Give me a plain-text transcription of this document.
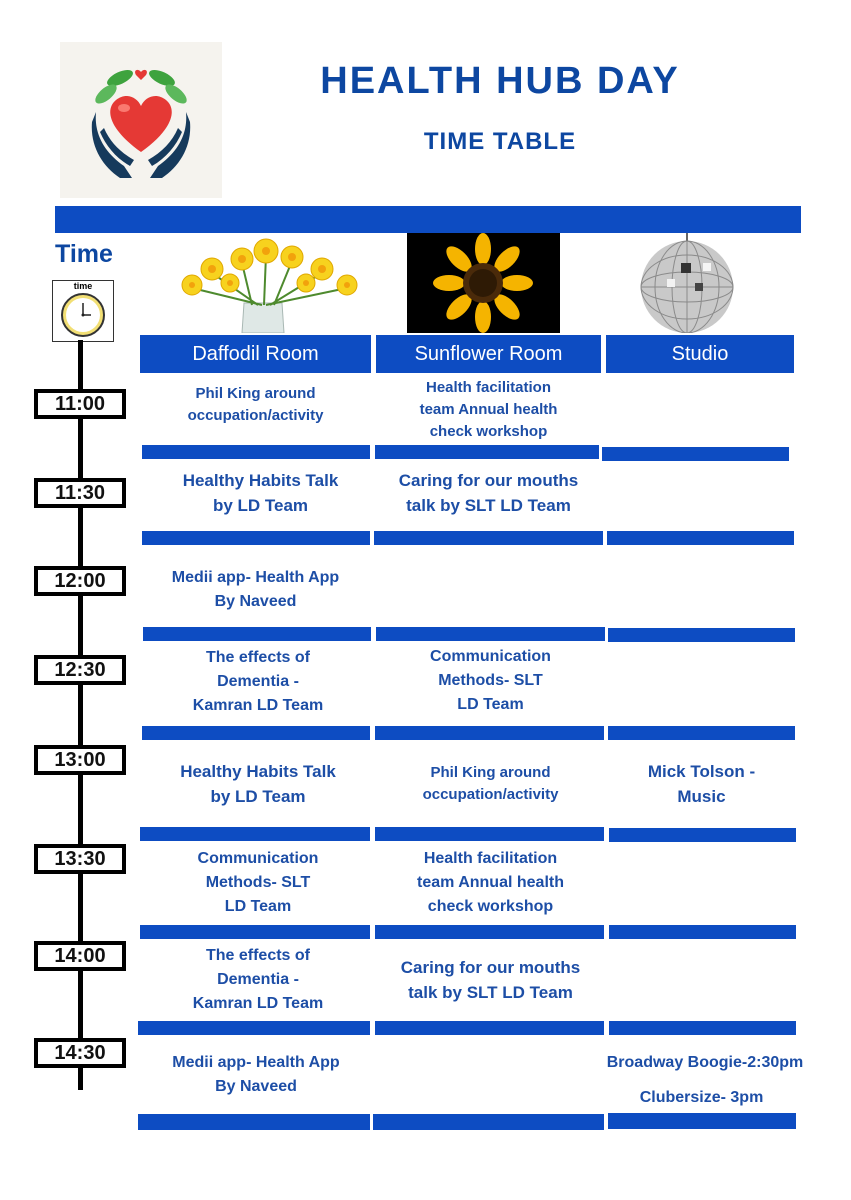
HEALTH HUB DAY
TIME TABLE
Time
time
11:00
11:30
12:00
12:30
13:00
13:30
14:00
14:30
Daffodil Room	Sunflower Room	Studio
Phil King around
occupation/activity
Health facilitation
team Annual health
check workshop
Healthy Habits Talk
by LD Team
Caring for our mouths
talk by SLT LD Team
Medii app- Health App
By Naveed
The effects of
Dementia -
Kamran LD Team
Communication
Methods- SLT
LD Team
Healthy Habits Talk
by LD Team
Phil King around
occupation/activity
Mick Tolson -
Music
Communication
Methods- SLT
LD Team
Health facilitation
team Annual health
check workshop
The effects of
Dementia -
Kamran LD Team
Caring for our mouths
talk by SLT LD Team
Medii app- Health App
By Naveed
Broadway Boogie-2:30pm
Clubersize- 3pm
